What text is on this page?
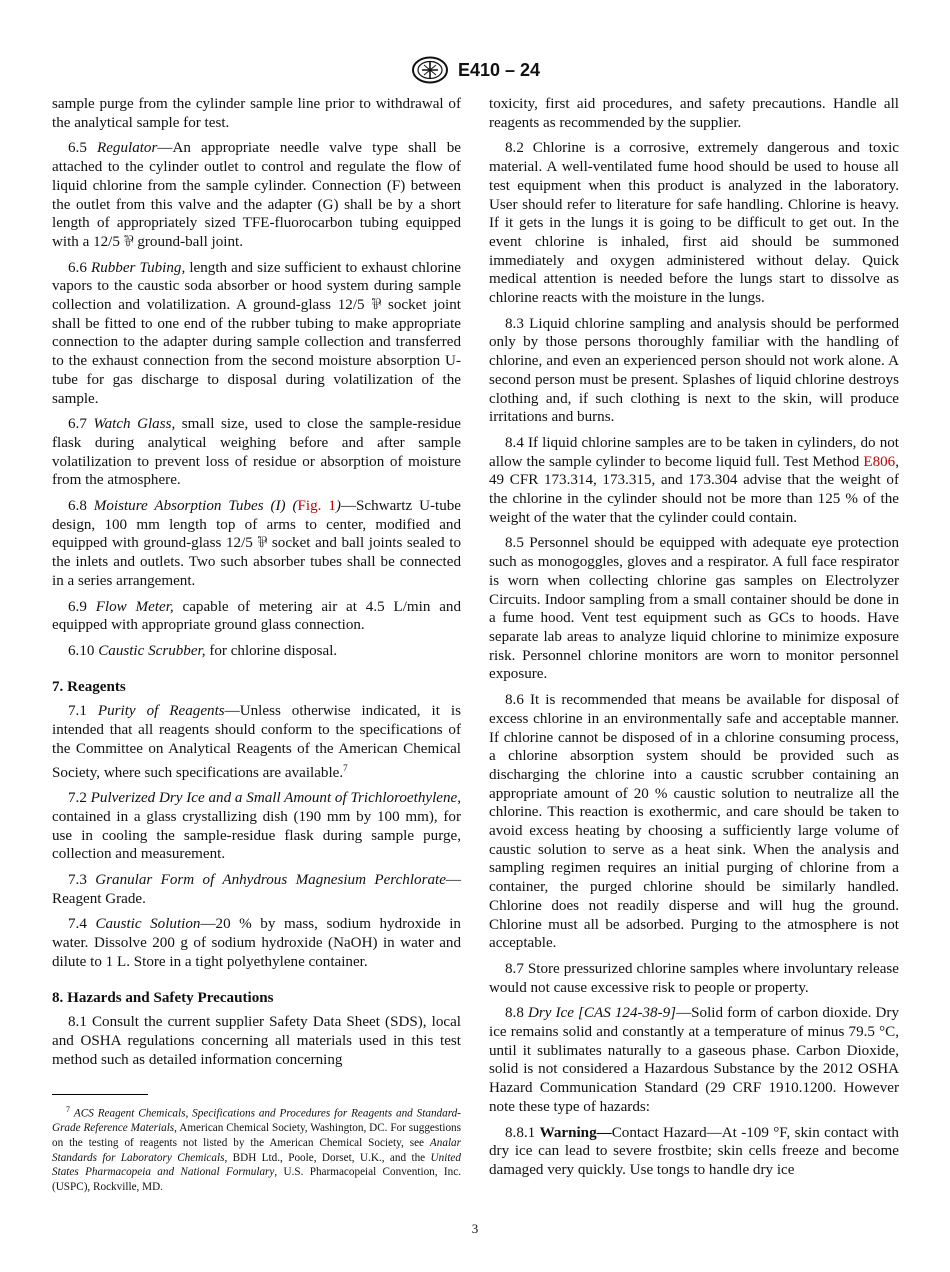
E410 – 24

sample purge from the cylinder sample line prior to withdrawal of the analytical sample for test.

6.5 Regulator—An appropriate needle valve type shall be attached to the cylinder outlet to control and regulate the flow of liquid chlorine from the sample cylinder. Connection (F) between the outlet from this valve and the adapter (G) shall be by a short length of appropriately sized TFE-fluorocarbon tubing equipped with a 12/5 ⅌ ground-ball joint.

6.6 Rubber Tubing, length and size sufficient to exhaust chlorine vapors to the caustic soda absorber or hood system during sample collection and volatilization. A ground-glass 12/5 ⅌ socket joint shall be fitted to one end of the rubber tubing to make appropriate connection to the adapter during sample collection and transferred to the exhaust connection from the second moisture absorption U-tube for gas discharge to disposal during volatilization of the sample.

6.7 Watch Glass, small size, used to close the sample-residue flask during analytical weighing before and after sample volatilization to prevent loss of residue or absorption of moisture from the atmosphere.

6.8 Moisture Absorption Tubes (I) (Fig. 1)—Schwartz U-tube design, 100 mm length top of arms to center, modified and equipped with ground-glass 12/5 ⅌ socket and ball joints sealed to the inlets and outlets. Two such absorber tubes shall be connected in a series arrangement.

6.9 Flow Meter, capable of metering air at 4.5 L/min and equipped with appropriate ground glass connection.

6.10 Caustic Scrubber, for chlorine disposal.

7. Reagents

7.1 Purity of Reagents—Unless otherwise indicated, it is intended that all reagents should conform to the specifications of the Committee on Analytical Reagents of the American Chemical Society, where such specifications are available.$^7$

7.2 Pulverized Dry Ice and a Small Amount of Trichloroethylene, contained in a glass crystallizing dish (190 mm by 100 mm), for use in cooling the sample-residue flask during sample purge, collection and measurement.

7.3 Granular Form of Anhydrous Magnesium Perchlorate—Reagent Grade.

7.4 Caustic Solution—20 % by mass, sodium hydroxide in water. Dissolve 200 g of sodium hydroxide (NaOH) in water and dilute to 1 L. Store in a tight polyethylene container.

8. Hazards and Safety Precautions

8.1 Consult the current supplier Safety Data Sheet (SDS), local and OSHA regulations concerning all materials used in this test method such as detailed information concerning

$^7$ ACS Reagent Chemicals, Specifications and Procedures for Reagents and Standard-Grade Reference Materials, American Chemical Society, Washington, DC. For suggestions on the testing of reagents not listed by the American Chemical Society, see Analar Standards for Laboratory Chemicals, BDH Ltd., Poole, Dorset, U.K., and the United States Pharmacopeia and National Formulary, U.S. Pharmacopeial Convention, Inc. (USPC), Rockville, MD.

toxicity, first aid procedures, and safety precautions. Handle all reagents as recommended by the supplier.

8.2 Chlorine is a corrosive, extremely dangerous and toxic material. A well-ventilated fume hood should be used to house all test equipment when this product is analyzed in the laboratory. User should refer to literature for safe handling. Chlorine is heavy. If it gets in the lungs it is going to be difficult to get out. In the event chlorine is inhaled, first aid should be summoned immediately and oxygen administered without delay. Quick medical attention is needed before the lungs start to dissolve as chlorine reacts with the moisture in the lungs.

8.3 Liquid chlorine sampling and analysis should be performed only by those persons thoroughly familiar with the handling of chlorine, and even an experienced person should not work alone. A second person must be present. Splashes of liquid chlorine destroys clothing and, if such clothing is next to the skin, will produce irritations and burns.

8.4 If liquid chlorine samples are to be taken in cylinders, do not allow the sample cylinder to become liquid full. Test Method E806, 49 CFR 173.314, 173.315, and 173.304 advise that the weight of the chlorine in the cylinder should not be more than 125 % of the weight of the water that the cylinder could contain.

8.5 Personnel should be equipped with adequate eye protection such as monogoggles, gloves and a respirator. A full face respirator is worn when collecting chlorine gas samples on Electrolyzer Circuits. Indoor sampling from a small container should be done in a fume hood. Vent test equipment such as GCs to hoods. Have separate lab areas to analyze liquid chlorine to minimize exposure risk. Personnel chlorine monitors are worn to monitor personnel exposure.

8.6 It is recommended that means be available for disposal of excess chlorine in an environmentally safe and acceptable manner. If chlorine cannot be disposed of in a chlorine consuming process, a chlorine absorption system should be provided such as discharging the chlorine into a caustic scrubber containing an appropriate amount of 20 % caustic solution to neutralize all the chlorine. This reaction is exothermic, and care should be taken to avoid excess heating by choosing a sufficiently large volume of caustic solution to serve as a heat sink. When the analysis and sampling regimen requires an initial purging of chlorine from a container, the purged chlorine should be similarly handled. Chlorine does not readily disperse and will hug the ground. Chlorine must all be adsorbed. Purging to the atmosphere is not acceptable.

8.7 Store pressurized chlorine samples where involuntary release would not cause excessive risk to people or property.

8.8 Dry Ice [CAS 124-38-9]—Solid form of carbon dioxide. Dry ice remains solid and constantly at a temperature of minus 79.5 °C, until it sublimates naturally to a gaseous phase. Carbon Dioxide, solid is not considered a Hazardous Substance by the 2012 OSHA Hazard Communication Standard (29 CRF 1910.1200. However note these type of hazards:

8.8.1 Warning—Contact Hazard—At -109 °F, skin contact with dry ice can lead to severe frostbite; skin cells freeze and become damaged very quickly. Use tongs to handle dry ice

3
